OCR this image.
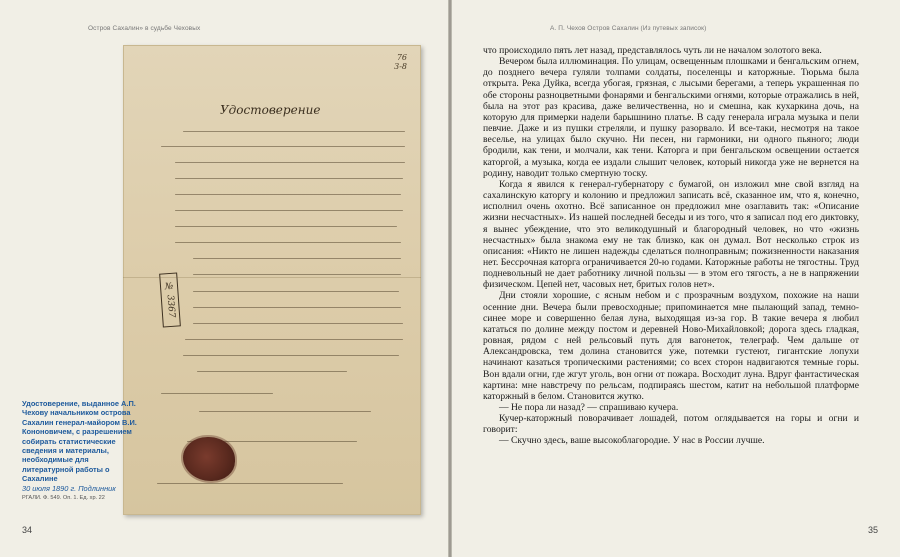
Остров Сахалин» в судьбе Чеховых
76
3-8
Удостоверение
№ 3367
Удостоверение, выданное А.П. Чехову начальником острова Сахалин генерал-майором В.И. Кононовичем, с разрешением собирать статистические сведения и материалы, необходимые для литературной работы о Сахалине
30 июля 1890 г. Подлинник
РГАЛИ. Ф. 549. Оп. 1. Ед. хр. 22
34
А. П. Чехов Остров Сахалин (Из путевых записок)
35

что происходило пять лет назад, представлялось чуть ли не началом золотого века.

Вечером была иллюминация. По улицам, освещенным плошками и бенгальским огнем, до позднего вечера гуляли толпами солдаты, поселенцы и каторжные. Тюрьма была открыта. Река Дуйка, всегда убогая, грязная, с лысыми берегами, а теперь украшенная по обе стороны разноцветными фонарями и бенгальскими огнями, которые отражались в ней, была на этот раз красива, даже величественна, но и смешна, как кухаркина дочь, на которую для примерки надели барышнино платье. В саду генерала играла музыка и пели певчие. Даже и из пушки стреляли, и пушку разорвало. И все-таки, несмотря на такое веселье, на улицах было скучно. Ни песен, ни гармоники, ни одного пьяного; люди бродили, как тени, и молчали, как тени. Каторга и при бенгальском освещении остается каторгой, а музыка, когда ее издали слышит человек, который никогда уже не вернется на родину, наводит только смертную тоску.

Когда я явился к генерал-губернатору с бумагой, он изложил мне свой взгляд на сахалинскую каторгу и колонию и предложил записать всё, сказанное им, что я, конечно, исполнил очень охотно. Всё записанное он предложил мне озаглавить так: «Описание жизни несчастных». Из нашей последней беседы и из того, что я записал под его диктовку, я вынес убеждение, что это великодушный и благородный человек, но что «жизнь несчастных» была знакома ему не так близко, как он думал. Вот несколько строк из описания: «Никто не лишен надежды сделаться полноправным; пожизненности наказания нет. Бессрочная каторга ограничивается 20-ю годами. Каторжные работы не тягостны. Труд подневольный не дает работнику личной пользы — в этом его тягость, а не в напряжении физическом. Цепей нет, часовых нет, бритых голов нет».

Дни стояли хорошие, с ясным небом и с прозрачным воздухом, похожие на наши осенние дни. Вечера были превосходные; припоминается мне пылающий запад, темно-синее море и совершенно белая луна, выходящая из-за гор. В такие вечера я любил кататься по долине между постом и деревней Ново-Михайловкой; дорога здесь гладкая, ровная, рядом с ней рельсовый путь для вагонеток, телеграф. Чем дальше от Александровска, тем долина становится у́же, потемки густеют, гигантские лопухи начинают казаться тропическими растениями; со всех сторон надвигаются темные горы. Вон вдали огни, где жгут уголь, вон огни от пожара. Восходит луна. Вдруг фантастическая картина: мне навстречу по рельсам, подпираясь шестом, катит на небольшой платформе каторжный в белом. Становится жутко.

— Не пора ли назад? — спрашиваю кучера.

Кучер-каторжный поворачивает лошадей, потом оглядывается на горы и огни и говорит:

— Скучно здесь, ваше высокоблагородие. У нас в России лучше.
